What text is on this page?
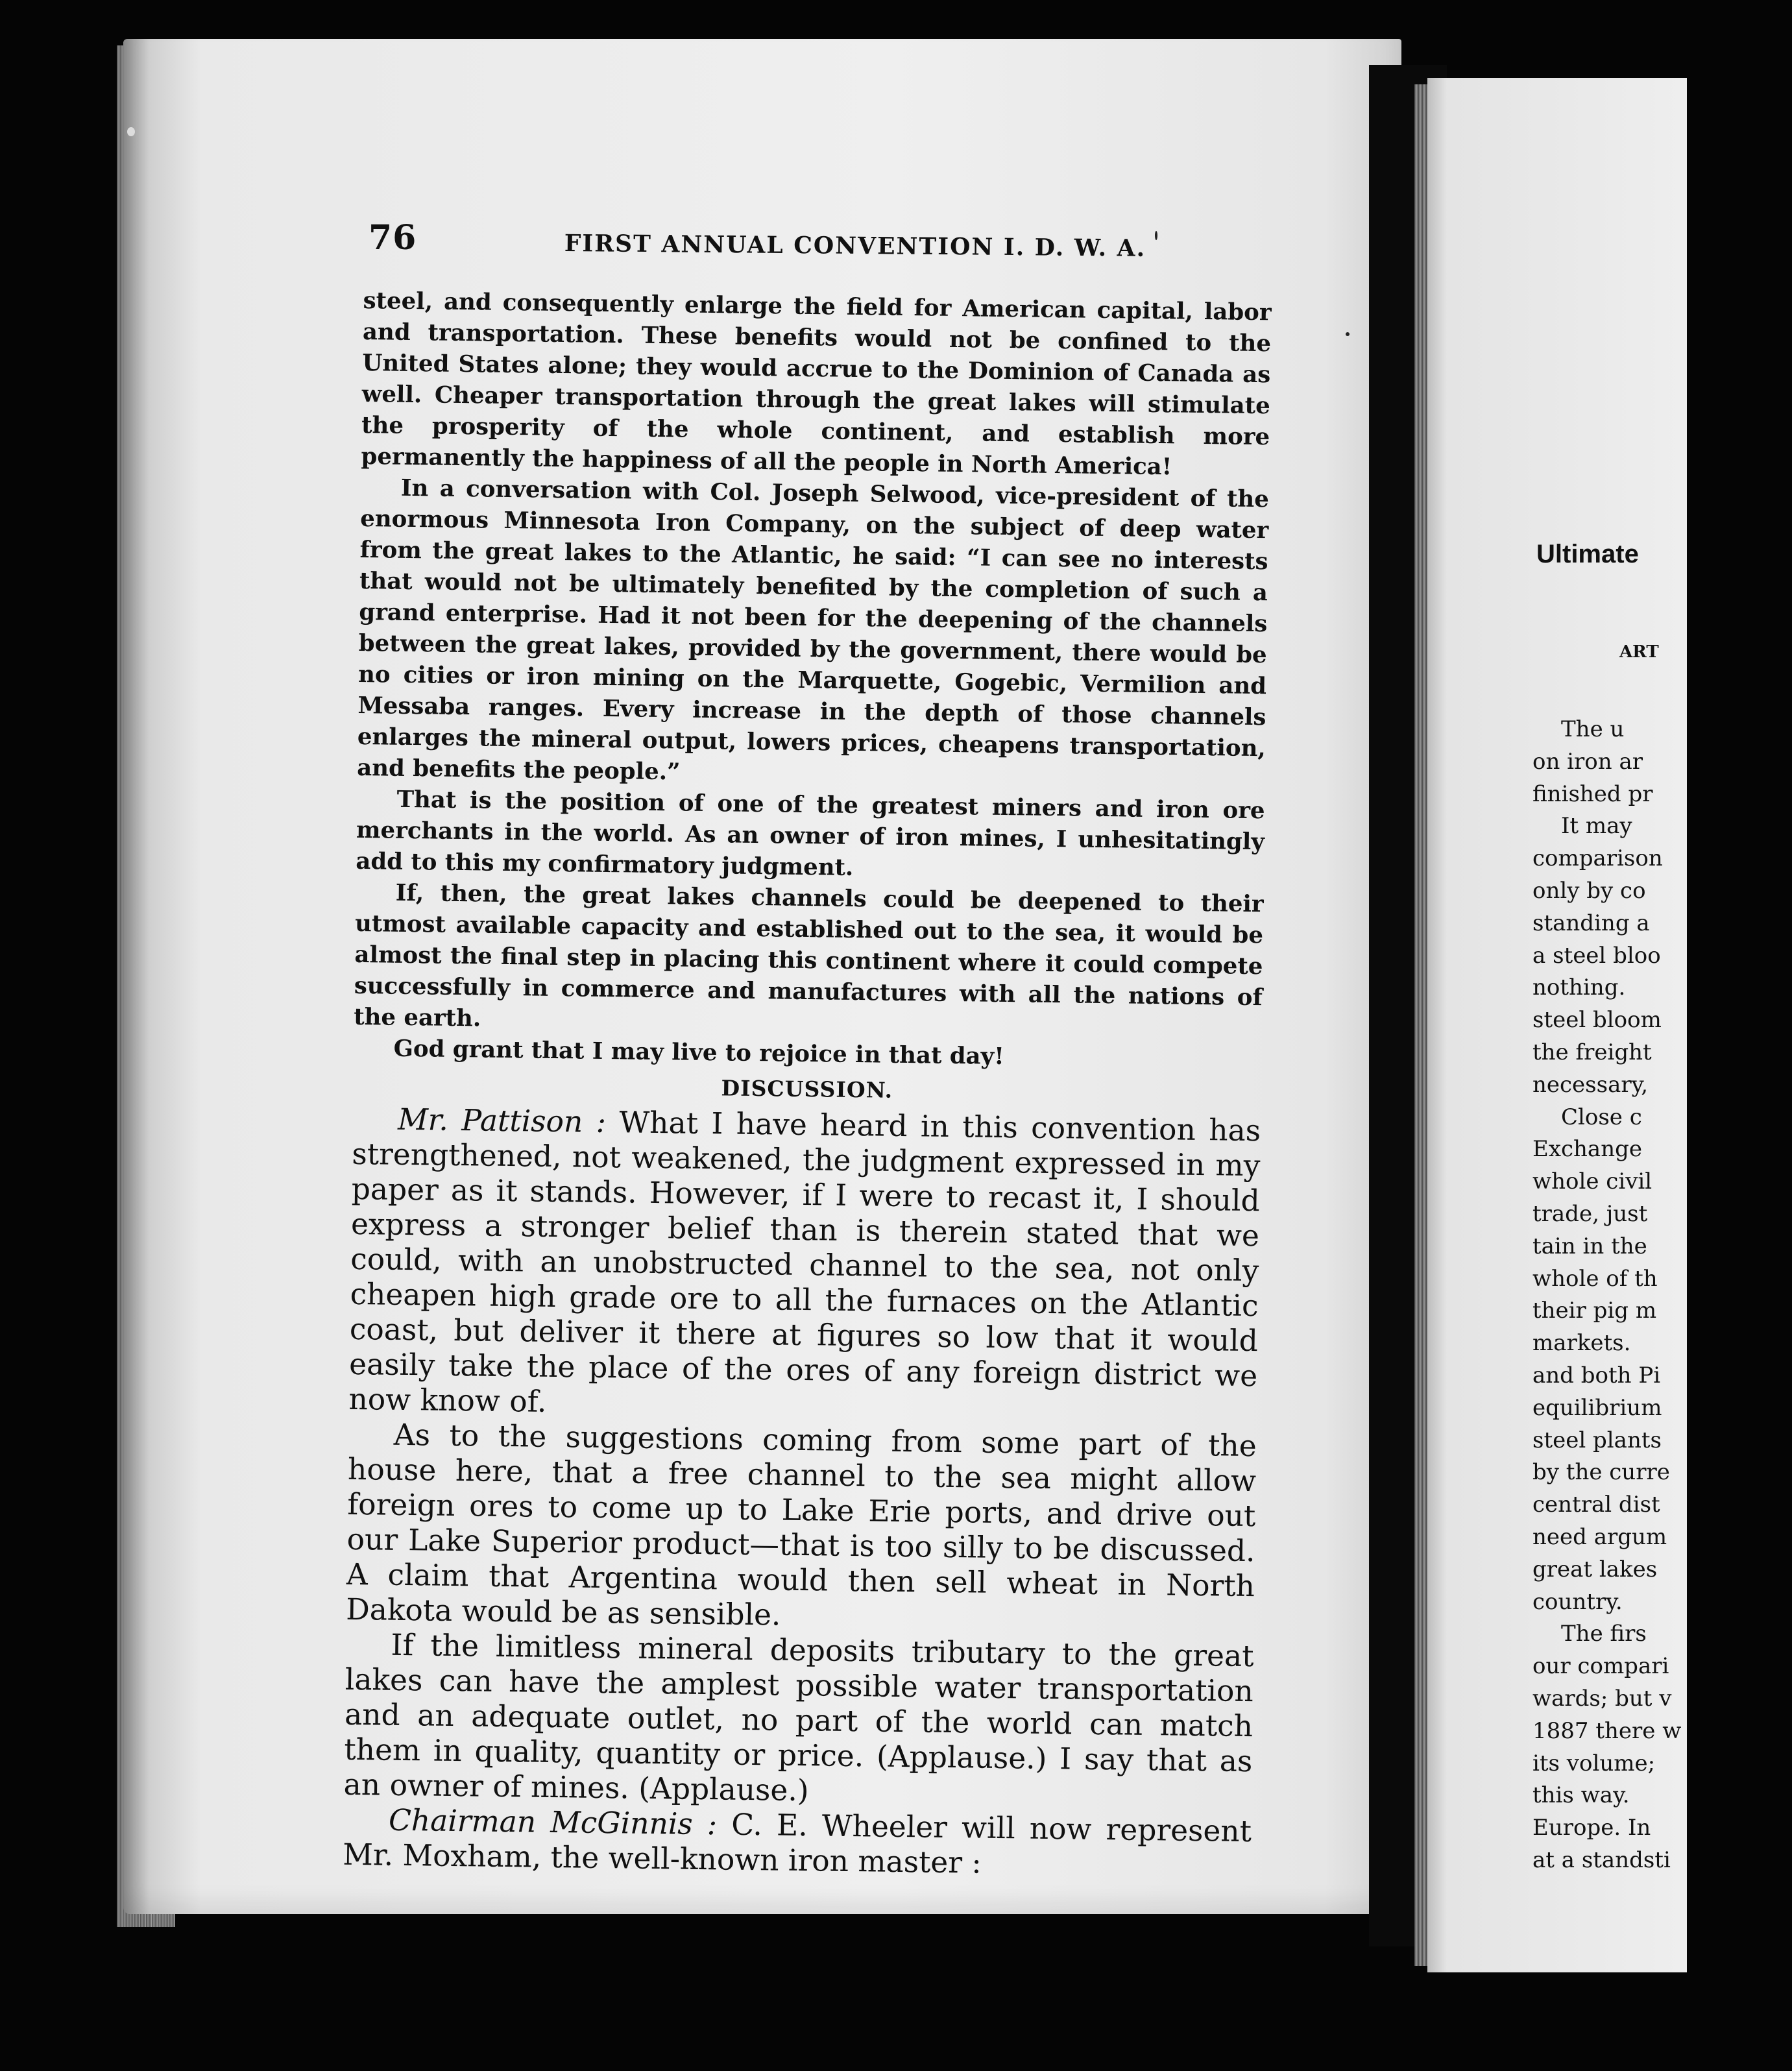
76	FIRST ANNUAL CONVENTION I. D. W. A.

steel, and consequently enlarge the field for American capital, labor and transportation. These benefits would not be confined to the United States alone; they would accrue to the Dominion of Canada as well. Cheaper transportation through the great lakes will stimulate the prosperity of the whole continent, and establish more permanently the happiness of all the people in North America!

In a conversation with Col. Joseph Selwood, vice-president of the enormous Minnesota Iron Company, on the subject of deep water from the great lakes to the Atlantic, he said: “I can see no interests that would not be ultimately benefited by the completion of such a grand enterprise. Had it not been for the deepening of the channels between the great lakes, provided by the government, there would be no cities or iron mining on the Marquette, Gogebic, Vermilion and Messaba ranges. Every increase in the depth of those channels enlarges the mineral output, lowers prices, cheapens transportation, and benefits the people.”

That is the position of one of the greatest miners and iron ore merchants in the world. As an owner of iron mines, I unhesitatingly add to this my confirmatory judgment.

If, then, the great lakes channels could be deepened to their utmost available capacity and established out to the sea, it would be almost the final step in placing this continent where it could compete successfully in commerce and manufactures with all the nations of the earth.

God grant that I may live to rejoice in that day!

DISCUSSION.

Mr. Pattison : What I have heard in this convention has strengthened, not weakened, the judgment expressed in my paper as it stands. However, if I were to recast it, I should express a stronger belief than is therein stated that we could, with an unobstructed channel to the sea, not only cheapen high grade ore to all the furnaces on the Atlantic coast, but deliver it there at figures so low that it would easily take the place of the ores of any foreign district we now know of.

As to the suggestions coming from some part of the house here, that a free channel to the sea might allow foreign ores to come up to Lake Erie ports, and drive out our Lake Superior product—that is too silly to be discussed. A claim that Argentina would then sell wheat in North Dakota would be as sensible.

If the limitless mineral deposits tributary to the great lakes can have the amplest possible water transportation and an adequate outlet, no part of the world can match them in quality, quantity or price. (Applause.) I say that as an owner of mines. (Applause.)

Chairman McGinnis : C. E. Wheeler will now represent Mr. Moxham, the well-known iron master :

Ultimate
ART
The u
on iron ar
finished pr
It may
comparison
only by co
standing a
a steel bloo
nothing.
steel bloom
the freight
necessary,
Close c
Exchange
whole civil
trade, just
tain in the
whole of th
their pig m
markets.
and both Pi
equilibrium
steel plants
by the curre
central dist
need argum
great lakes
country.
The firs
our compari
wards; but v
1887 there w
its volume;
this way.
Europe. In
at a standsti
